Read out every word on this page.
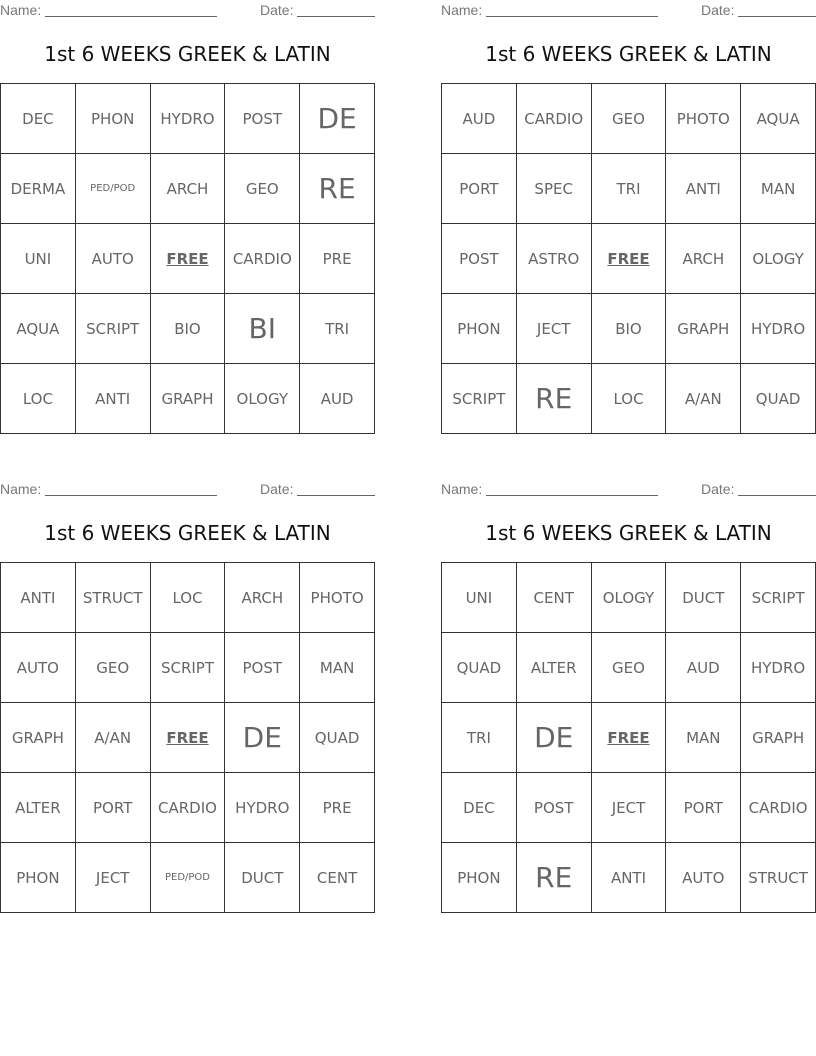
Name:	Date:
1st 6 WEEKS GREEK & LATIN
DEC	PHON	HYDRO	POST	DE
DERMA	PED/POD	ARCH	GEO	RE
UNI	AUTO	FREE	CARDIO	PRE
AQUA	SCRIPT	BIO	BI	TRI
LOC	ANTI	GRAPH	OLOGY	AUD
Name:	Date:
1st 6 WEEKS GREEK & LATIN
AUD	CARDIO	GEO	PHOTO	AQUA
PORT	SPEC	TRI	ANTI	MAN
POST	ASTRO	FREE	ARCH	OLOGY
PHON	JECT	BIO	GRAPH	HYDRO
SCRIPT	RE	LOC	A/AN	QUAD
Name:	Date:
1st 6 WEEKS GREEK & LATIN
ANTI	STRUCT	LOC	ARCH	PHOTO
AUTO	GEO	SCRIPT	POST	MAN
GRAPH	A/AN	FREE	DE	QUAD
ALTER	PORT	CARDIO	HYDRO	PRE
PHON	JECT	PED/POD	DUCT	CENT
Name:	Date:
1st 6 WEEKS GREEK & LATIN
UNI	CENT	OLOGY	DUCT	SCRIPT
QUAD	ALTER	GEO	AUD	HYDRO
TRI	DE	FREE	MAN	GRAPH
DEC	POST	JECT	PORT	CARDIO
PHON	RE	ANTI	AUTO	STRUCT
